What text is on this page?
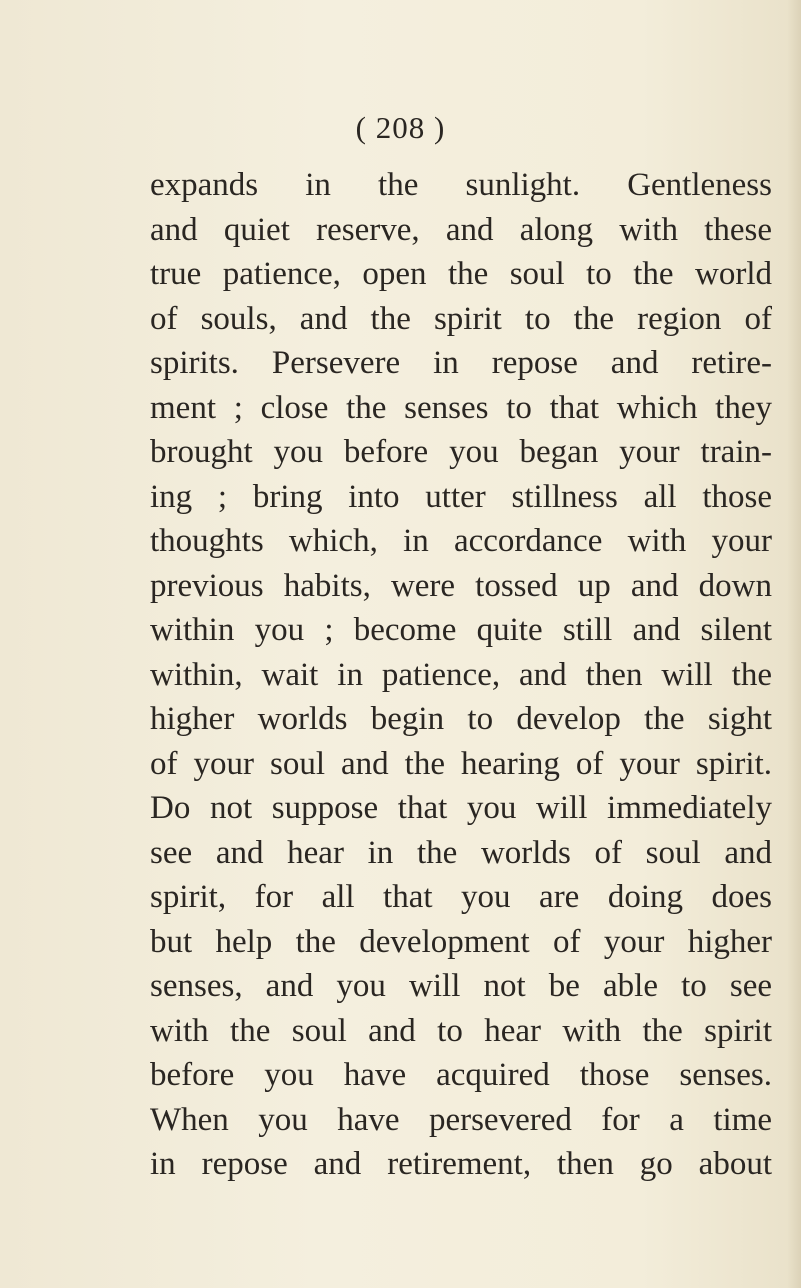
( 208 )
expands in the sunlight. Gentleness
and quiet reserve, and along with these
true patience, open the soul to the world
of souls, and the spirit to the region of
spirits. Persevere in repose and retire-
ment ; close the senses to that which they
brought you before you began your train-
ing ; bring into utter stillness all those
thoughts which, in accordance with your
previous habits, were tossed up and down
within you ; become quite still and silent
within, wait in patience, and then will the
higher worlds begin to develop the sight
of your soul and the hearing of your spirit.
Do not suppose that you will immediately
see and hear in the worlds of soul and
spirit, for all that you are doing does
but help the development of your higher
senses, and you will not be able to see
with the soul and to hear with the spirit
before you have acquired those senses.
When you have persevered for a time
in repose and retirement, then go about
